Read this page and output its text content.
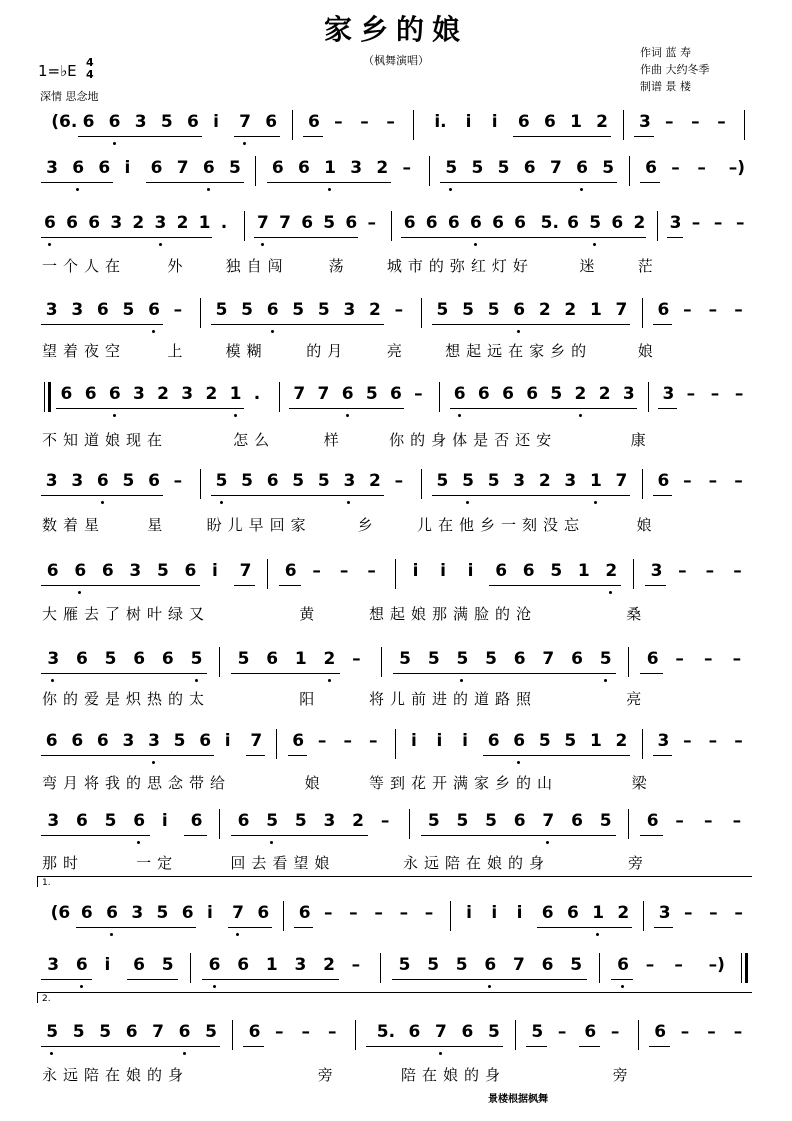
家乡的娘
（枫舞演唱）
作词 蓝 寿
作曲 大约冬季
制谱 景 楼
1=♭E 4
4
深情 思念地
(6. 6 6 3 5 6 i 7 6 6 – – – i. i i 6 6 1 2 3 – – –
3 6 6 i 6 7 6 5 6 6 1 3 2 – 5 5 5 6 7 6 5 6 – – –)
6 6 6 3 2 3 2 1 . 7 7 6 5 6 – 6 6 6 6 6 6 5. 6 5 6 2 3 – – –
一个人在	外 独自闯	荡 城市的弥红灯好	迷 茫
3 3 6 5 6 – 5 5 6 5 5 3 2 – 5 5 5 6 2 2 1 7 6 – – –
望着夜空	上 模糊	的月	亮 想起远在家乡的	娘
6 6 6 3 2 3 2 1 . 7 7 6 5 6 – 6 6 6 6 5 2 2 3 3 – – –
不知道娘现在	怎么	样	你的身体是否还安	康
3 3 6 5 6 – 5 5 6 5 5 3 2 – 5 5 5 3 2 3 1 7 6 – – –
数着星	星	盼儿早回家	乡	儿在他乡一刻没忘	娘
6 6 6 3 5 6 i 7 6 – – – i i i 6 6 5 1 2 3 – – –
大雁去了树叶绿又	黄	想起娘那满脸的沧	桑
3 6 5 6 6 5 5 6 1 2 – 5 5 5 5 6 7 6 5 6 – – –
你的爱是炽热的太	阳	将儿前进的道路照	亮
6 6 6 3 3 5 6 i 7 6 – – – i i i 6 6 5 5 1 2 3 – – –
弯月将我的思念带给	娘	等到花开满家乡的山	梁
3 6 5 6 i 6 6 5 5 3 2 – 5 5 5 6 7 6 5 6 – – –
那时	一定	回去看望娘	永远陪在娘的身	旁
(6 6 6 3 5 6 i 7 6 6 – – – – – i i i 6 6 1 2 3 – – –
3 6 i 6 5 6 6 1 3 2 – 5 5 5 6 7 6 5 6 – – –)
5 5 5 6 7 6 5 6 – – – 5. 6 7 6 5 5 – 6 – 6 – – –
永远陪在娘的身	旁	陪在娘的身	旁
1.
2.
景楼根据枫舞
